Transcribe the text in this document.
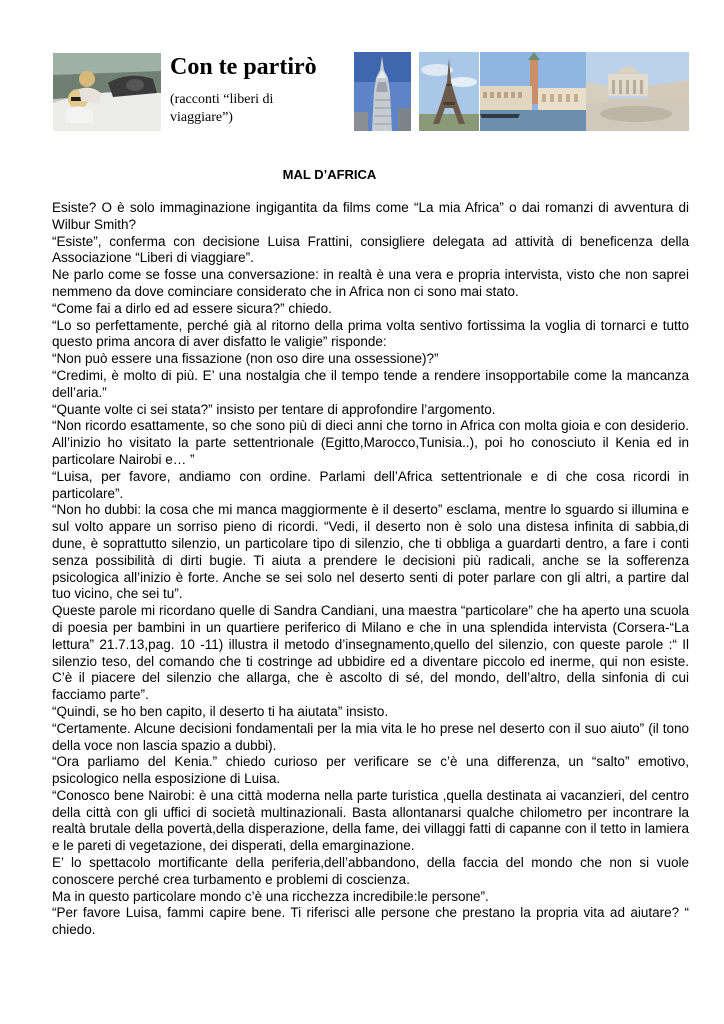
Con te partirò
(racconti “liberi di viaggiare”)
MAL D’AFRICA

Esiste? O è solo immaginazione ingigantita da films come “La mia Africa” o dai romanzi di avventura di Wilbur Smith?

“Esiste”, conferma con decisione Luisa Frattini, consigliere delegata ad attività di beneficenza della Associazione “Liberi di viaggiare”.

Ne parlo come se fosse una conversazione: in realtà è una vera e propria intervista, visto che non saprei nemmeno da dove cominciare considerato che in Africa non ci sono mai stato.

“Come fai a dirlo ed ad essere sicura?” chiedo.

“Lo so perfettamente, perché già al ritorno della prima volta sentivo fortissima la voglia di tornarci e tutto questo prima ancora di aver disfatto le valigie” risponde:

“Non può essere una fissazione (non oso dire una ossessione)?”

“Credimi, è molto di più. E’ una nostalgia che il tempo tende a rendere insopportabile come la mancanza dell’aria.”

“Quante volte ci sei stata?” insisto per tentare di approfondire l’argomento.

“Non ricordo esattamente, so che sono più di dieci anni che torno in Africa con molta gioia e con desiderio. All’inizio ho visitato la parte settentrionale (Egitto,Marocco,Tunisia..), poi ho conosciuto il Kenia ed in particolare Nairobi e… ”

“Luisa, per favore, andiamo con ordine. Parlami dell’Africa settentrionale e di che cosa ricordi in particolare”.

“Non ho dubbi: la cosa che mi manca maggiormente è il deserto” esclama, mentre lo sguardo si illumina e sul volto appare un sorriso pieno di ricordi. “Vedi, il deserto non è solo una distesa infinita di sabbia,di dune, è soprattutto silenzio, un particolare tipo di silenzio, che ti obbliga a guardarti dentro, a fare i conti senza possibilità di dirti bugie. Ti aiuta a prendere le decisioni più radicali, anche se la sofferenza psicologica all’inizio è forte. Anche se sei solo nel deserto senti di poter parlare con gli altri, a partire dal tuo vicino, che sei tu”.

Queste parole mi ricordano quelle di Sandra Candiani, una maestra “particolare” che ha aperto una scuola di poesia per bambini in un quartiere periferico di Milano e che in una splendida intervista (Corsera-“La lettura” 21.7.13,pag. 10 -11) illustra il metodo d’insegnamento,quello del silenzio, con queste parole :“ Il silenzio teso, del comando che ti costringe ad ubbidire ed a diventare piccolo ed inerme, qui non esiste. C’è il piacere del silenzio che allarga, che è ascolto di sé, del mondo, dell’altro, della sinfonia di cui facciamo parte”.

“Quindi, se ho ben capito, il deserto ti ha aiutata” insisto.

“Certamente. Alcune decisioni fondamentali per la mia vita le ho prese nel deserto con il suo aiuto” (il tono della voce non lascia spazio a dubbi).

“Ora parliamo del Kenia.” chiedo curioso per verificare se c’è una differenza, un “salto” emotivo, psicologico nella esposizione di Luisa.

“Conosco bene Nairobi: è una città moderna nella parte turistica ,quella destinata ai vacanzieri, del centro della città con gli uffici di società multinazionali. Basta allontanarsi qualche chilometro per incontrare la realtà brutale della povertà,della disperazione, della fame, dei villaggi fatti di capanne con il tetto in lamiera e le pareti di vegetazione, dei disperati, della emarginazione.

E’ lo spettacolo mortificante della periferia,dell’abbandono, della faccia del mondo che non si vuole conoscere perché crea turbamento e problemi di coscienza.

Ma in questo particolare mondo c’è una ricchezza incredibile:le persone”.

“Per favore Luisa, fammi capire bene. Ti riferisci alle persone che prestano la propria vita ad aiutare? “ chiedo.
